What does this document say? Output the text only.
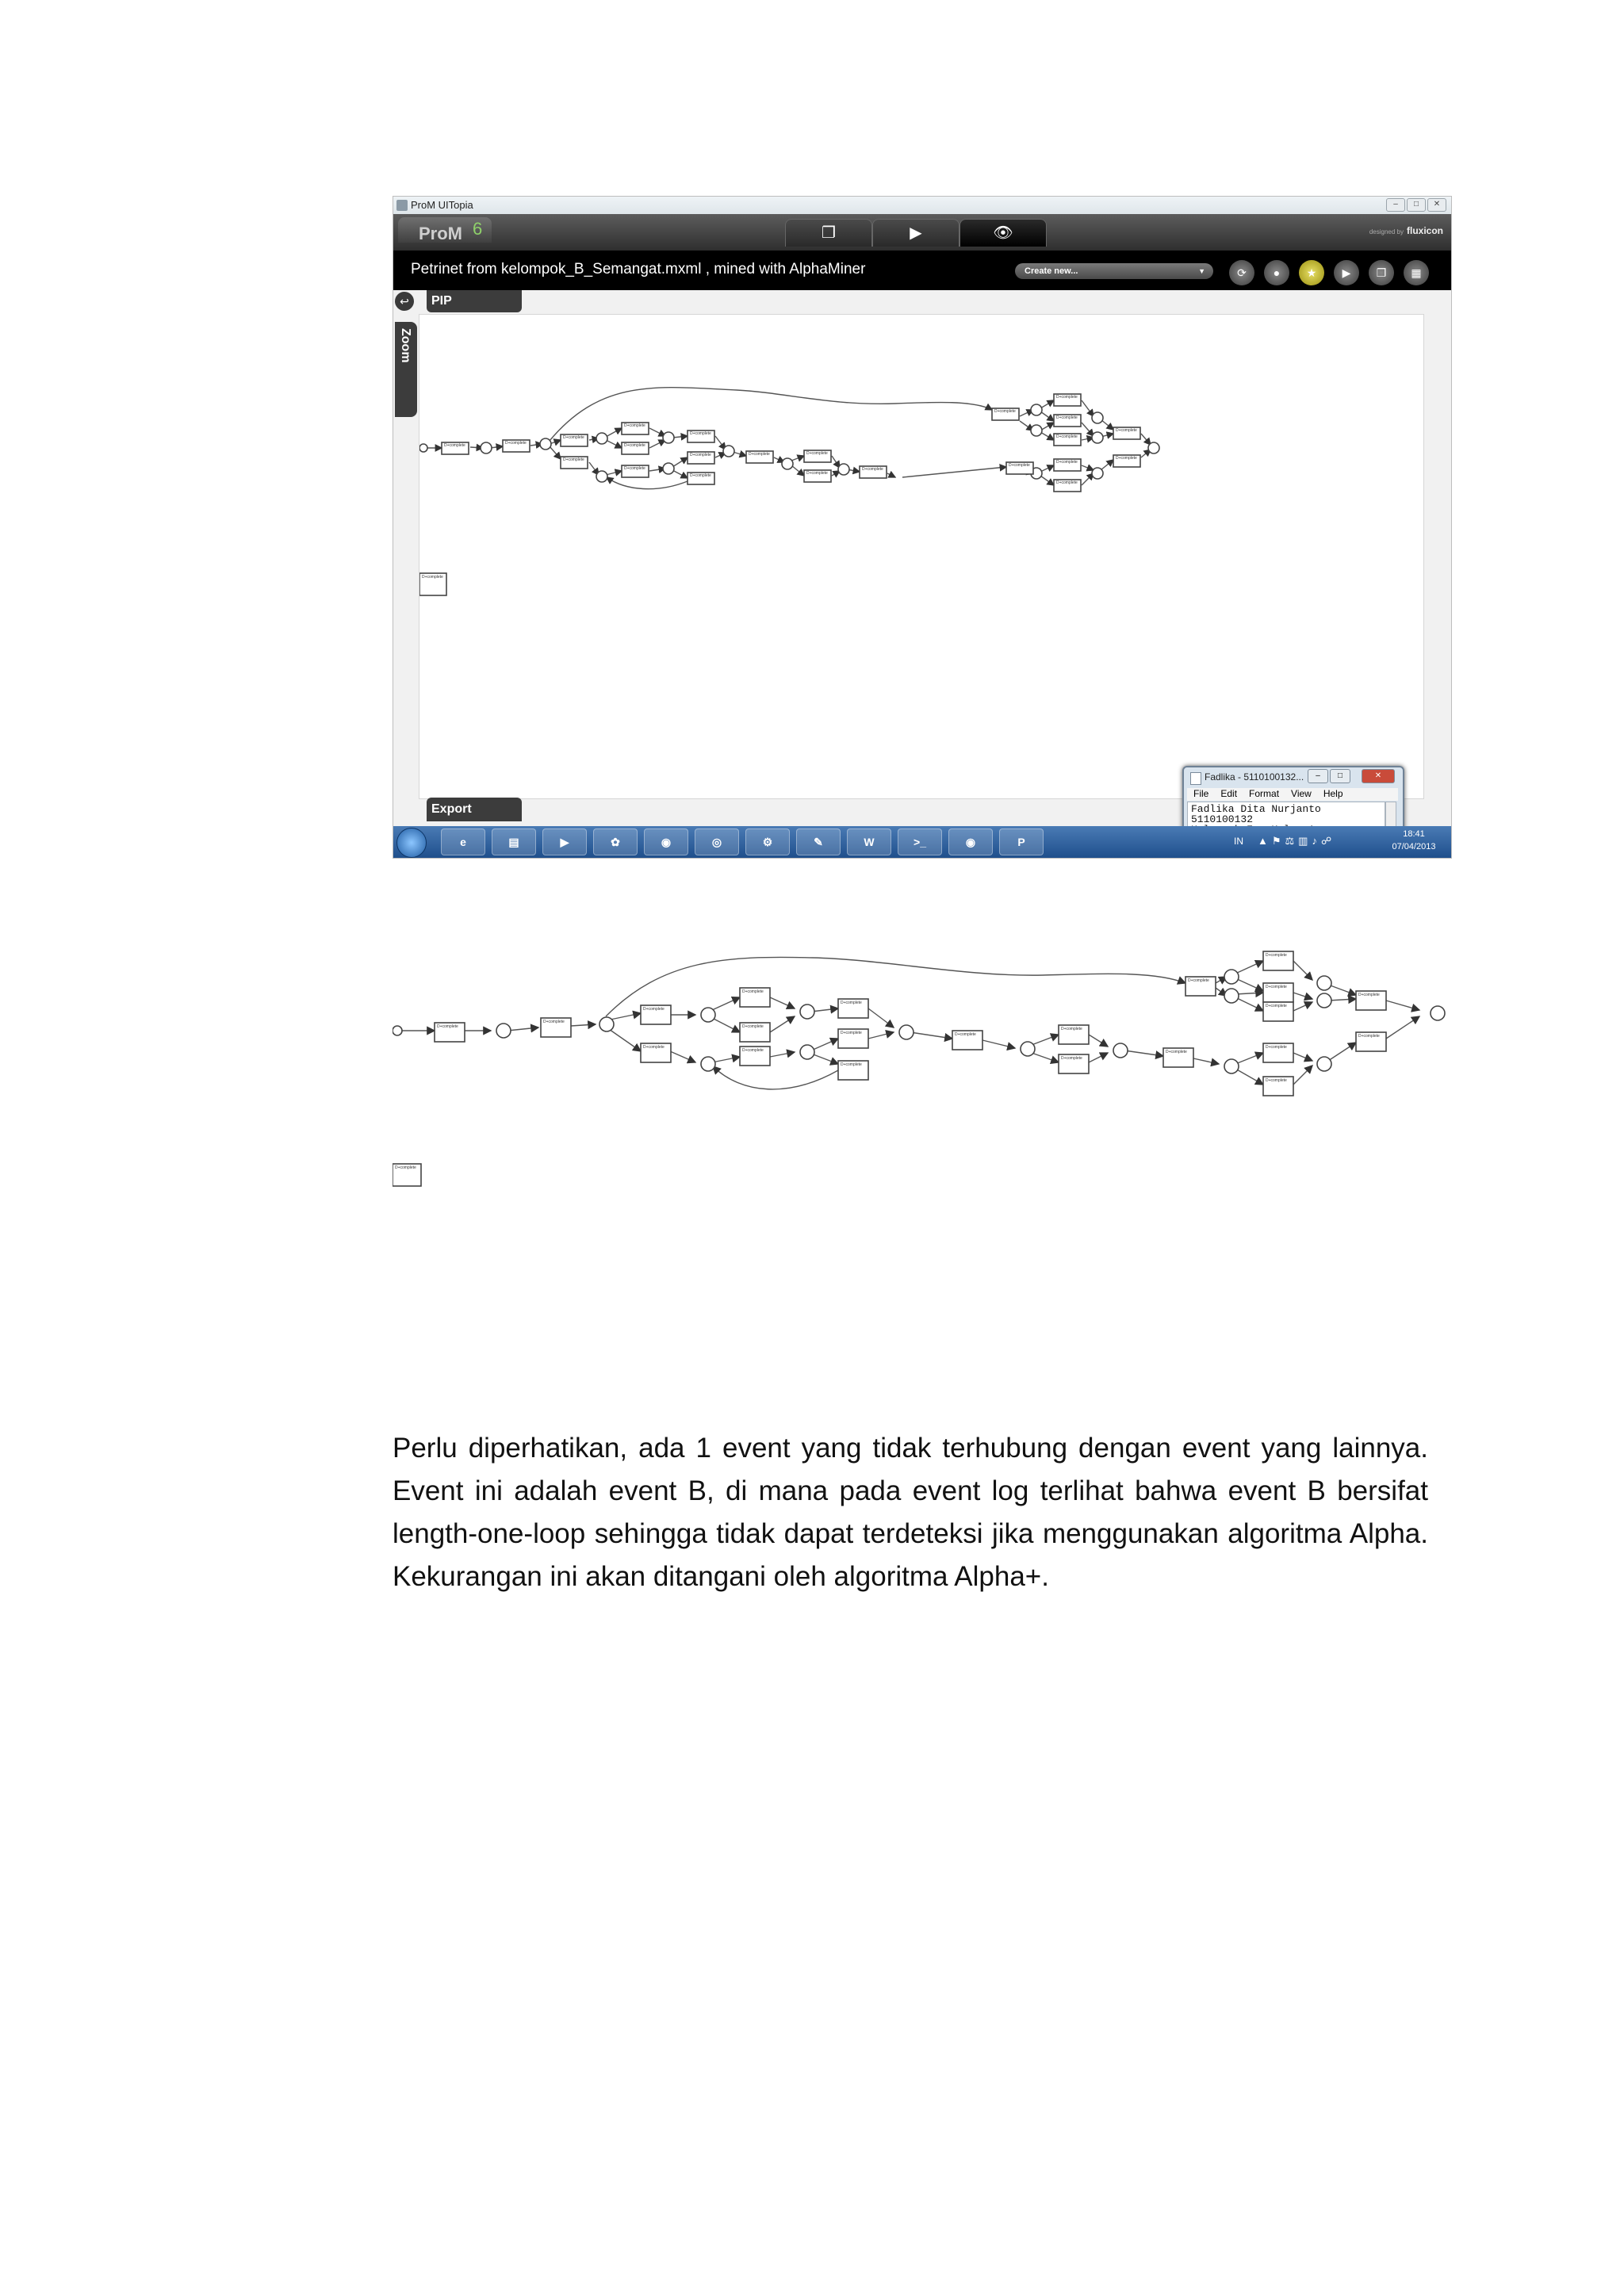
ProM UITopia	–	□	✕
ProM 6	❐	▶	👁	designed by fluxicon
Petrinet from kelompok_B_Semangat.mxml , mined with AlphaMiner	Create new...	▼	⟳	●	★	▶	❐	▦
↩	PIP
Zoom
D+complete	D+complete
D+complete
D+complete
D+complete
D+complete
D+complete
D+complete
D+complete
D+complete
D+complete	D+complete
D+complete
D+complete
D+complete
D+complete
D+complete
D+complete
D+complete
D+complete
D+complete
D+complete
D+complete
D+complete
Export
Fadlika - 5110100132...	–	□	✕
File Edit Format View Help
Fadlika Dita Nurjanto
5110100132

e	▤	▶	✿	◉	◎	⚙	✎	W	>_	◉	P	IN ▲⚑⚖▥♪☍
18:41
07/04/2013
D+complete
D+complete
D+complete
D+complete
D+complete
D+complete
D+complete
D+complete
D+complete
D+complete
D+complete
D+complete
D+complete
D+complete
D+complete
D+complete
D+complete
D+complete
D+complete
D+complete
D+complete
D+complete
D+complete

Perlu diperhatikan, ada 1 event yang tidak terhubung dengan event yang lainnya. Event ini adalah event B, di mana pada event log terlihat bahwa event B bersifat length-one-loop sehingga tidak dapat terdeteksi jika menggunakan algoritma Alpha. Kekurangan ini akan ditangani oleh algoritma Alpha+.
